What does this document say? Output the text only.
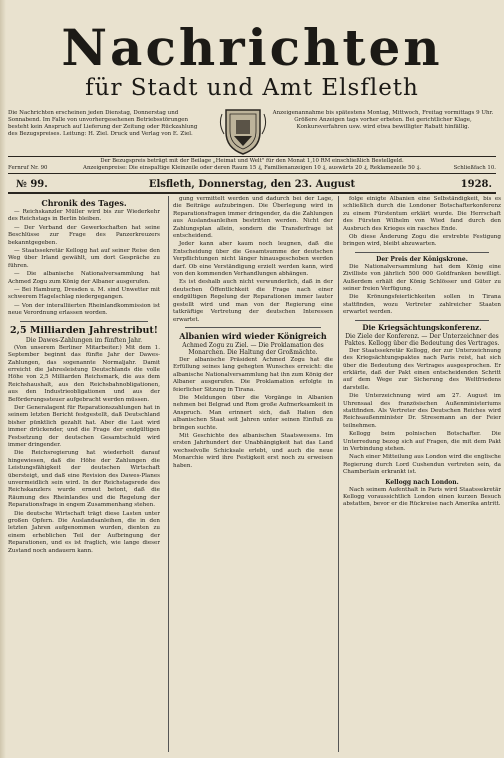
Nachrichten
für Stadt und Amt Elsfleth
Die Nachrichten erscheinen jeden Dienstag, Donnerstag und Sonnabend. Im Falle von unvorhergesehenen Betriebsstörungen besteht kein Anspruch auf Lieferung der Zeitung oder Rückzahlung des Bezugspreises. Leitung: H. Ziel. Druck und Verlag von E. Ziel.
Anzeigenannahme bis spätestens Montag, Mittwoch, Freitag vormittags 9 Uhr. Größere Anzeigen tags vorher erbeten. Bei gerichtlicher Klage, Konkursverfahren usw. wird etwa bewilligter Rabatt hinfällig.
Der Bezugspreis beträgt mit der Beilage „Heimat und Welt" für den Monat 1,10 RM einschließlich Bestellgeld.
Fernruf Nr. 90	Anzeigenpreise: Die einspaltige Kleinzeile oder deren Raum 15 ₰, Familienanzeigen 10 ₰, auswärts 20 ₰, Reklamezeile 50 ₰.	Schließfach 10.
№ 99.	Elsfleth, Donnerstag, den 23. August	1928.
Chronik des Tages.

— Reichskanzler Müller wird bis zur Wiederkehr des Reichstags in Berlin bleiben.

— Der Verband der Gewerkschaften hat seine Beschlüsse zur Frage des Panzerkreuzers bekanntgegeben.

— Staatssekretär Kellogg hat auf seiner Reise den Weg über Irland gewählt, um dort Gespräche zu führen.

— Die albanische Nationalversammlung hat Achmed Zogu zum König der Albaner ausgerufen.

— Bei Hamburg, Dresden u. M. sind Unwetter mit schwerem Hagelschlag niedergegangen.

— Von der interalliierten Rheinlandkommission ist neue Verordnung erlassen worden.

2,5 Milliarden Jahrestribut!
Die Dawes-Zahlungen im fünften Jahr.

(Von unserem Berliner Mitarbeiter.) Mit dem 1. September beginnt das fünfte Jahr der Dawes-Zahlungen, das sogenannte Normaljahr. Damit erreicht die Jahresleistung Deutschlands die volle Höhe von 2,5 Milliarden Reichsmark, die aus dem Reichshaushalt, aus den Reichsbahnobligationen, aus den Industrieobligationen und aus der Beförderungssteuer aufgebracht werden müssen.

Der Generalagent für Reparationszahlungen hat in seinem letzten Bericht festgestellt, daß Deutschland bisher pünktlich gezahlt hat. Aber die Last wird immer drückender, und die Frage der endgültigen Festsetzung der deutschen Gesamtschuld wird immer dringender.

Die Reichsregierung hat wiederholt darauf hingewiesen, daß die Höhe der Zahlungen die Leistungsfähigkeit der deutschen Wirtschaft übersteigt, und daß eine Revision des Dawes-Planes unvermeidlich sein wird. In der Reichstagsrede des Reichskanzlers wurde erneut betont, daß die Räumung des Rheinlandes und die Regelung der Reparationsfrage in engem Zusammenhang stehen.

Die deutsche Wirtschaft trägt diese Lasten unter großen Opfern. Die Auslandsanleihen, die in den letzten Jahren aufgenommen wurden, dienten zu einem erheblichen Teil der Aufbringung der Reparationen, und es ist fraglich, wie lange dieser Zustand noch andauern kann.

gung vermittelt werden und dadurch bei der Lage, die Beiträge aufzubringen. Die Überlegung wird in Reparationsfragen immer dringender, da die Zahlungen aus Auslandsanleihen bestritten werden. Nicht der Zahlungsplan allein, sondern die Transferfrage ist entscheidend.

Jeder kann aber kaum noch leugnen, daß die Entscheidung über die Gesamtsumme der deutschen Verpflichtungen nicht länger hinausgeschoben werden darf. Ob eine Verständigung erzielt werden kann, wird von den kommenden Verhandlungen abhängen.

Es ist deshalb auch nicht verwunderlich, daß in der deutschen Öffentlichkeit die Frage nach einer endgültigen Regelung der Reparationen immer lauter gestellt wird und man von der Regierung eine tatkräftige Vertretung der deutschen Interessen erwartet.

Albanien wird wieder Königreich
Achmed Zogu zu Ziel. — Die Proklamation des Monarchen. Die Haltung der Großmächte.

Der albanische Präsident Achmed Zogu hat die Erfüllung seines lang gehegten Wunsches erreicht: die albanische Nationalversammlung hat ihn zum König der Albaner ausgerufen. Die Proklamation erfolgte in feierlicher Sitzung in Tirana.

Die Meldungen über die Vorgänge in Albanien nehmen bei Belgrad und Rom große Aufmerksamkeit in Anspruch. Man erinnert sich, daß Italien den albanischen Staat seit Jahren unter seinen Einfluß zu bringen suchte.

Mit Geschichte des albanischen Staatswesens. Im ersten Jahrhundert der Unabhängigkeit hat das Land wechselvolle Schicksale erlebt, und auch die neue Monarchie wird ihre Festigkeit erst noch zu erweisen haben.

folge einigte Albanien eine Selbständigkeit, bis es schließlich durch die Londoner Botschafterkonferenz zu einem Fürstentum erklärt wurde. Die Herrschaft des Fürsten Wilhelm von Wied fand durch den Ausbruch des Krieges ein rasches Ende.

Ob diese Änderung Zogu die erstrebte Festigung bringen wird, bleibt abzuwarten.

Der Preis der Königskrone.

Die Nationalversammlung hat dem König eine Zivilliste von jährlich 500 000 Goldfranken bewilligt. Außerdem erhält der König Schlösser und Güter zu seiner freien Verfügung.

Die Krönungsfeierlichkeiten sollen in Tirana stattfinden, wozu Vertreter zahlreicher Staaten erwartet werden.

Die Kriegsächtungskonferenz.
Die Ziele der Konferenz. — Der Unterzeichner des Paktes. Kellogg über die Bedeutung des Vertrages.

Der Staatssekretär Kellogg, der zur Unterzeichnung des Kriegsächtungspaktes nach Paris reist, hat sich über die Bedeutung des Vertrages ausgesprochen. Er erklärte, daß der Pakt einen entscheidenden Schritt auf dem Wege zur Sicherung des Weltfriedens darstelle.

Die Unterzeichnung wird am 27. August im Uhrensaal des französischen Außenministeriums stattfinden. Als Vertreter des Deutschen Reiches wird Reichsaußenminister Dr. Stresemann an der Feier teilnehmen.

Kellogg beim polnischen Botschafter. Die Unterredung bezog sich auf Fragen, die mit dem Pakt in Verbindung stehen.

Nach einer Mitteilung aus London wird die englische Regierung durch Lord Cushendun vertreten sein, da Chamberlain erkrankt ist.

Kellogg nach London.

Nach seinem Aufenthalt in Paris wird Staatssekretär Kellogg voraussichtlich London einen kurzen Besuch abstatten, bevor er die Rückreise nach Amerika antritt.
